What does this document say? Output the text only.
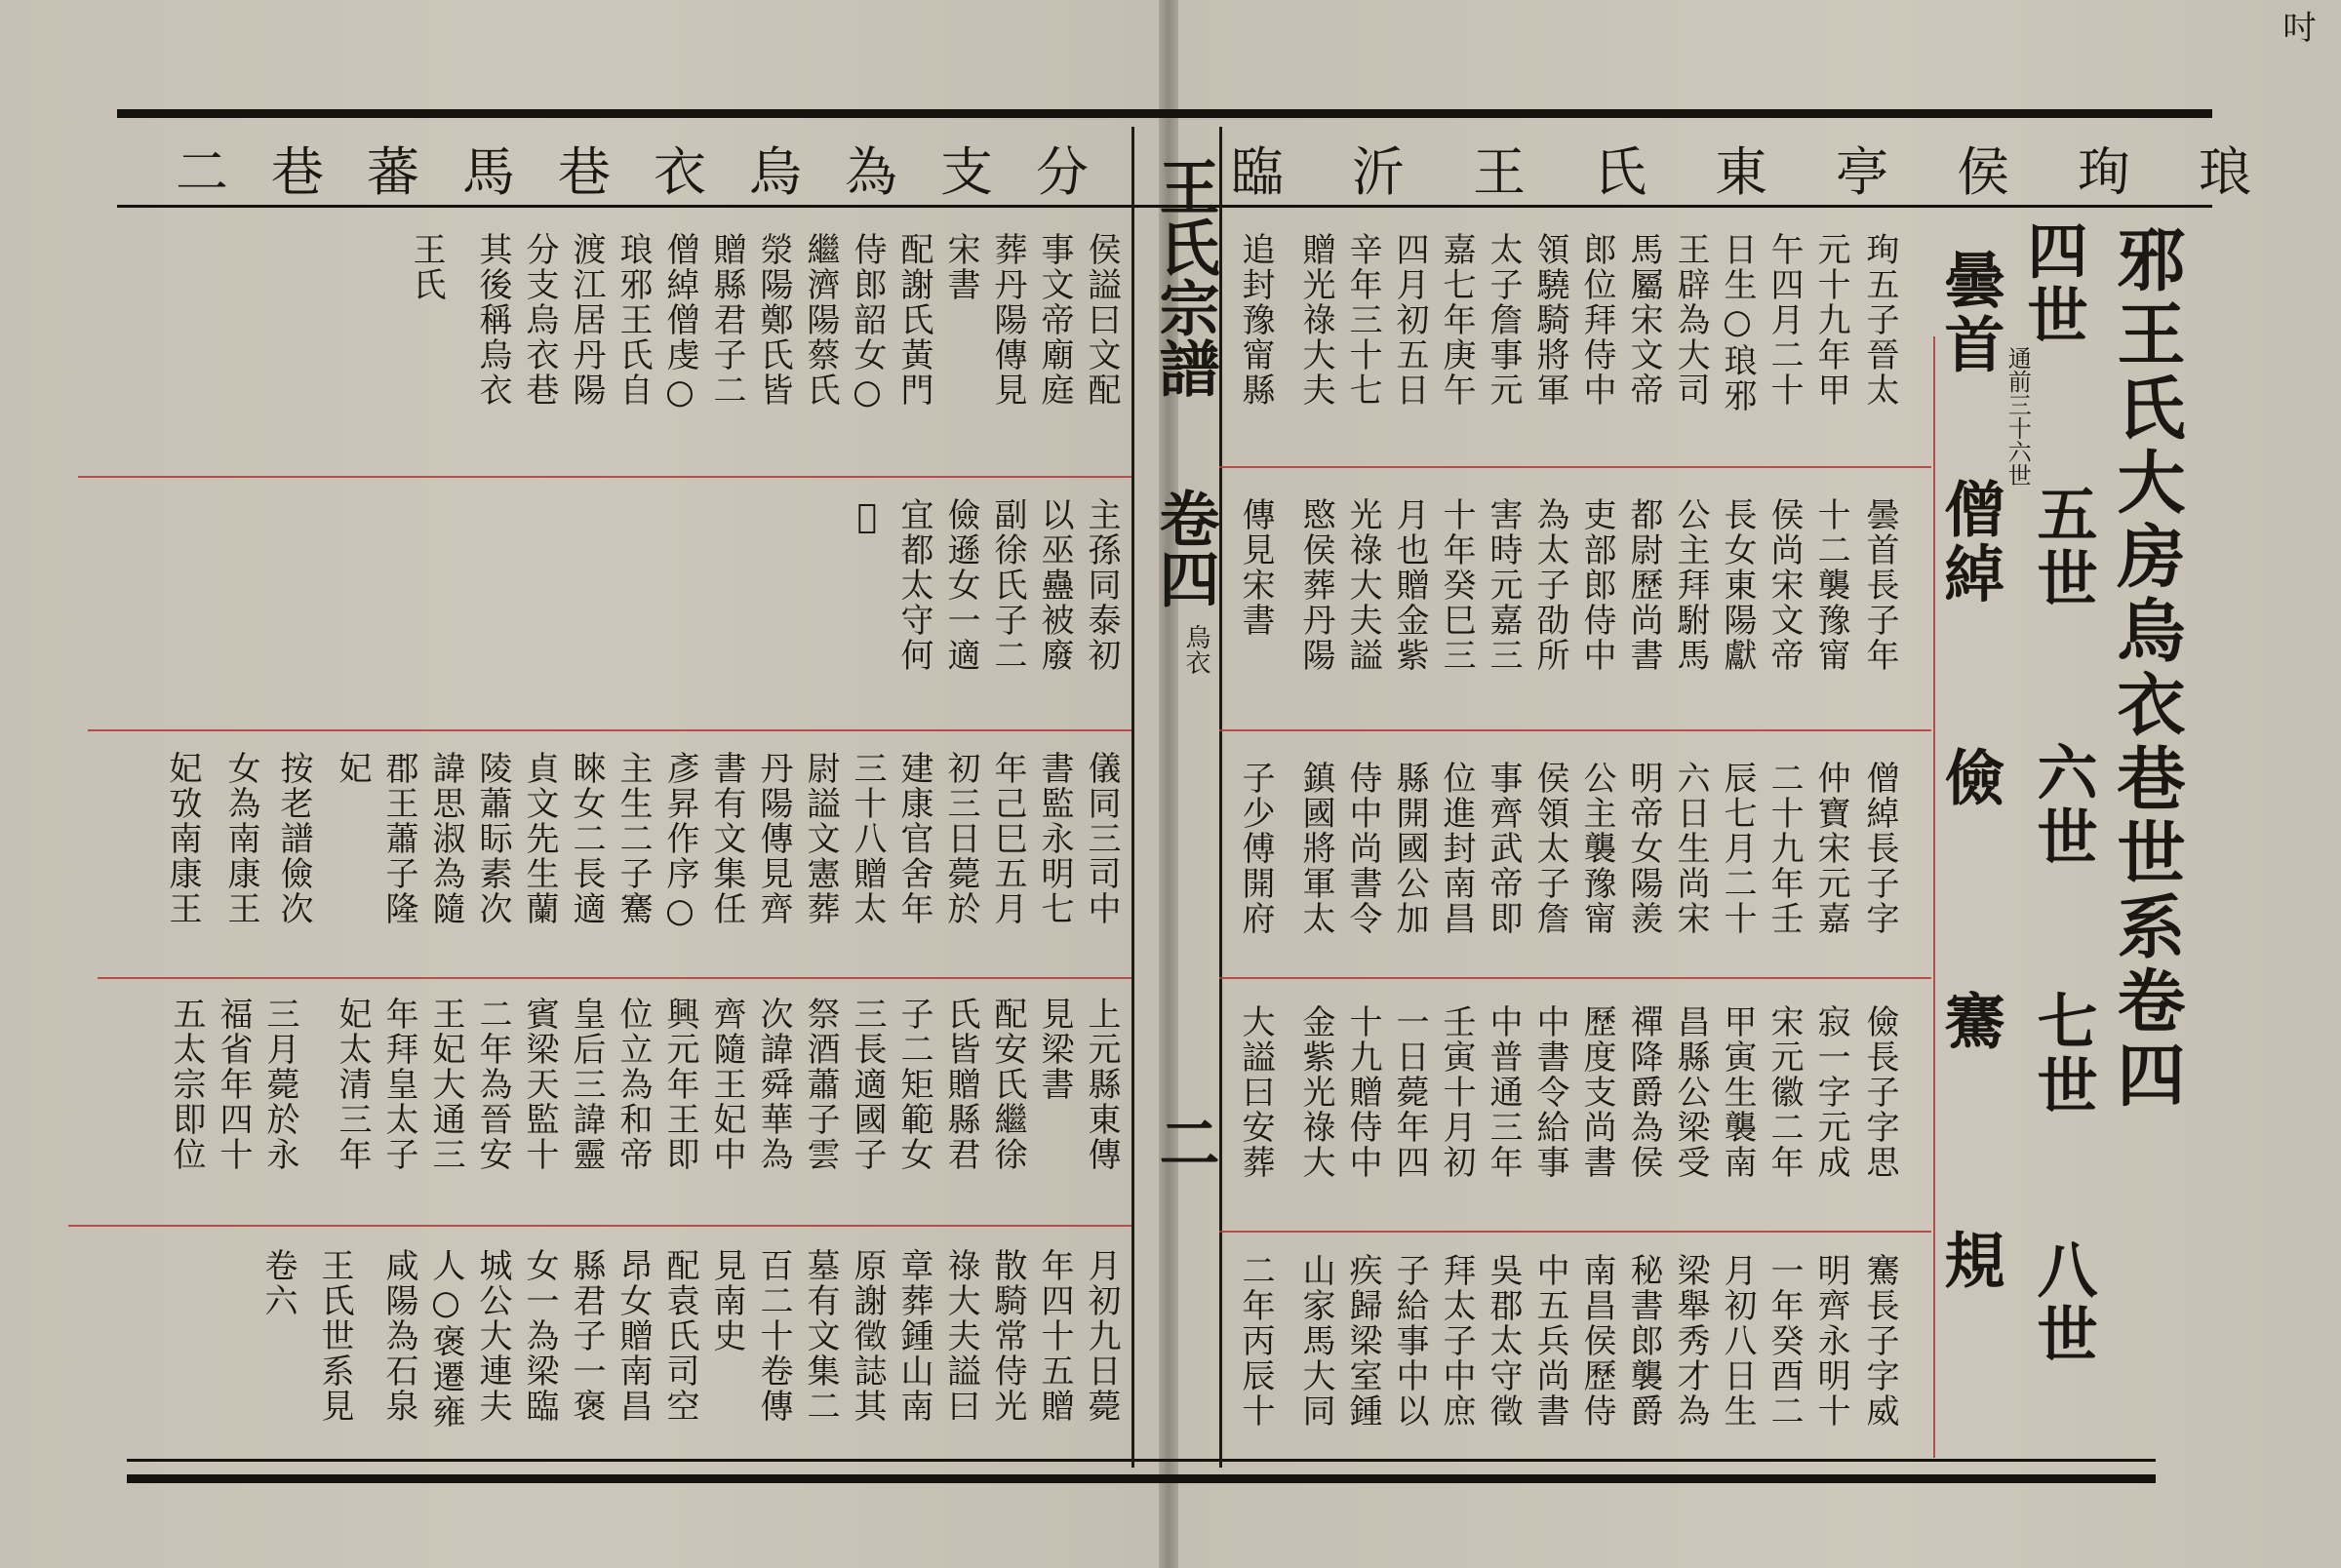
二巷蕃馬巷衣烏為支分 臨沂王氏東亭侯珣琅
吋
邪王氏大房烏衣巷世系卷四
四世
通前三十六世
五世
六世
七世
八世
曇首
僧綽
儉
騫
規
王氏宗譜
卷四
烏衣
二
珣五子晉太
元十九年甲
午四月二十
日生○琅邪
王辟為大司
馬屬宋文帝
郎位拜侍中
領驍騎將軍
太子詹事元
嘉七年庚午
四月初五日
辛年三十七
贈光祿大夫
追封豫甯縣
曇首長子年
十二襲豫甯
侯尚宋文帝
長女東陽獻
公主拜駙馬
都尉歷尚書
吏部郎侍中
為太子劭所
害時元嘉三
十年癸巳三
月也贈金紫
光祿大夫謚
愍侯葬丹陽
傳見宋書
僧綽長子字
仲寶宋元嘉
二十九年壬
辰七月二十
六日生尚宋
明帝女陽羨
公主襲豫甯
侯領太子詹
事齊武帝即
位進封南昌
縣開國公加
侍中尚書令
鎮國將軍太
子少傅開府
儉長子字思
寂一字元成
宋元徽二年
甲寅生襲南
昌縣公梁受
禪降爵為侯
歷度支尚書
中書令給事
中普通三年
壬寅十月初
一日薨年四
十九贈侍中
金紫光祿大
大謚曰安葬
騫長子字威
明齊永明十
一年癸酉二
月初八日生
梁舉秀才為
秘書郎襲爵
南昌侯歷侍
中五兵尚書
吳郡太守徵
拜太子中庶
子給事中以
疾歸梁室鍾
山家馬大同
二年丙辰十
侯謚曰文配
事文帝廟庭
葬丹陽傳見
宋書
配謝氏黃門
侍郎韶女○
繼濟陽蔡氏
滎陽鄭氏皆
贈縣君子二
僧綽僧虔○
琅邪王氏自
渡江居丹陽
分支烏衣巷
其後稱烏衣
王氏
主孫同泰初
以巫蠱被廢
副徐氏子二
儉遜女一適
宜都太守何
𨦟
儀同三司中
書監永明七
年己巳五月
初三日薨於
建康官舍年
三十八贈太
尉謚文憲葬
丹陽傳見齊
書有文集任
彥昇作序○
主生二子騫
睞女二長適
貞文先生蘭
陵蕭眎素次
諱思淑為隨
郡王蕭子隆
妃
按老譜儉次
女為南康王
妃攷南康王
上元縣東傳
見梁書
配安氏繼徐
氏皆贈縣君
子二矩範女
三長適國子
祭酒蕭子雲
次諱舜華為
齊隨王妃中
興元年王即
位立為和帝
皇后三諱靈
賓梁天監十
二年為晉安
王妃大通三
年拜皇太子
妃太清三年
三月薨於永
福省年四十
五太宗即位
月初九日薨
年四十五贈
散騎常侍光
祿大夫謚曰
章葬鍾山南
原謝徵誌其
墓有文集二
百二十卷傳
見南史
配袁氏司空
昂女贈南昌
縣君子一褒
女一為梁臨
城公大連夫
人○褒遷雍
咸陽為石泉
王氏世系見
卷六
